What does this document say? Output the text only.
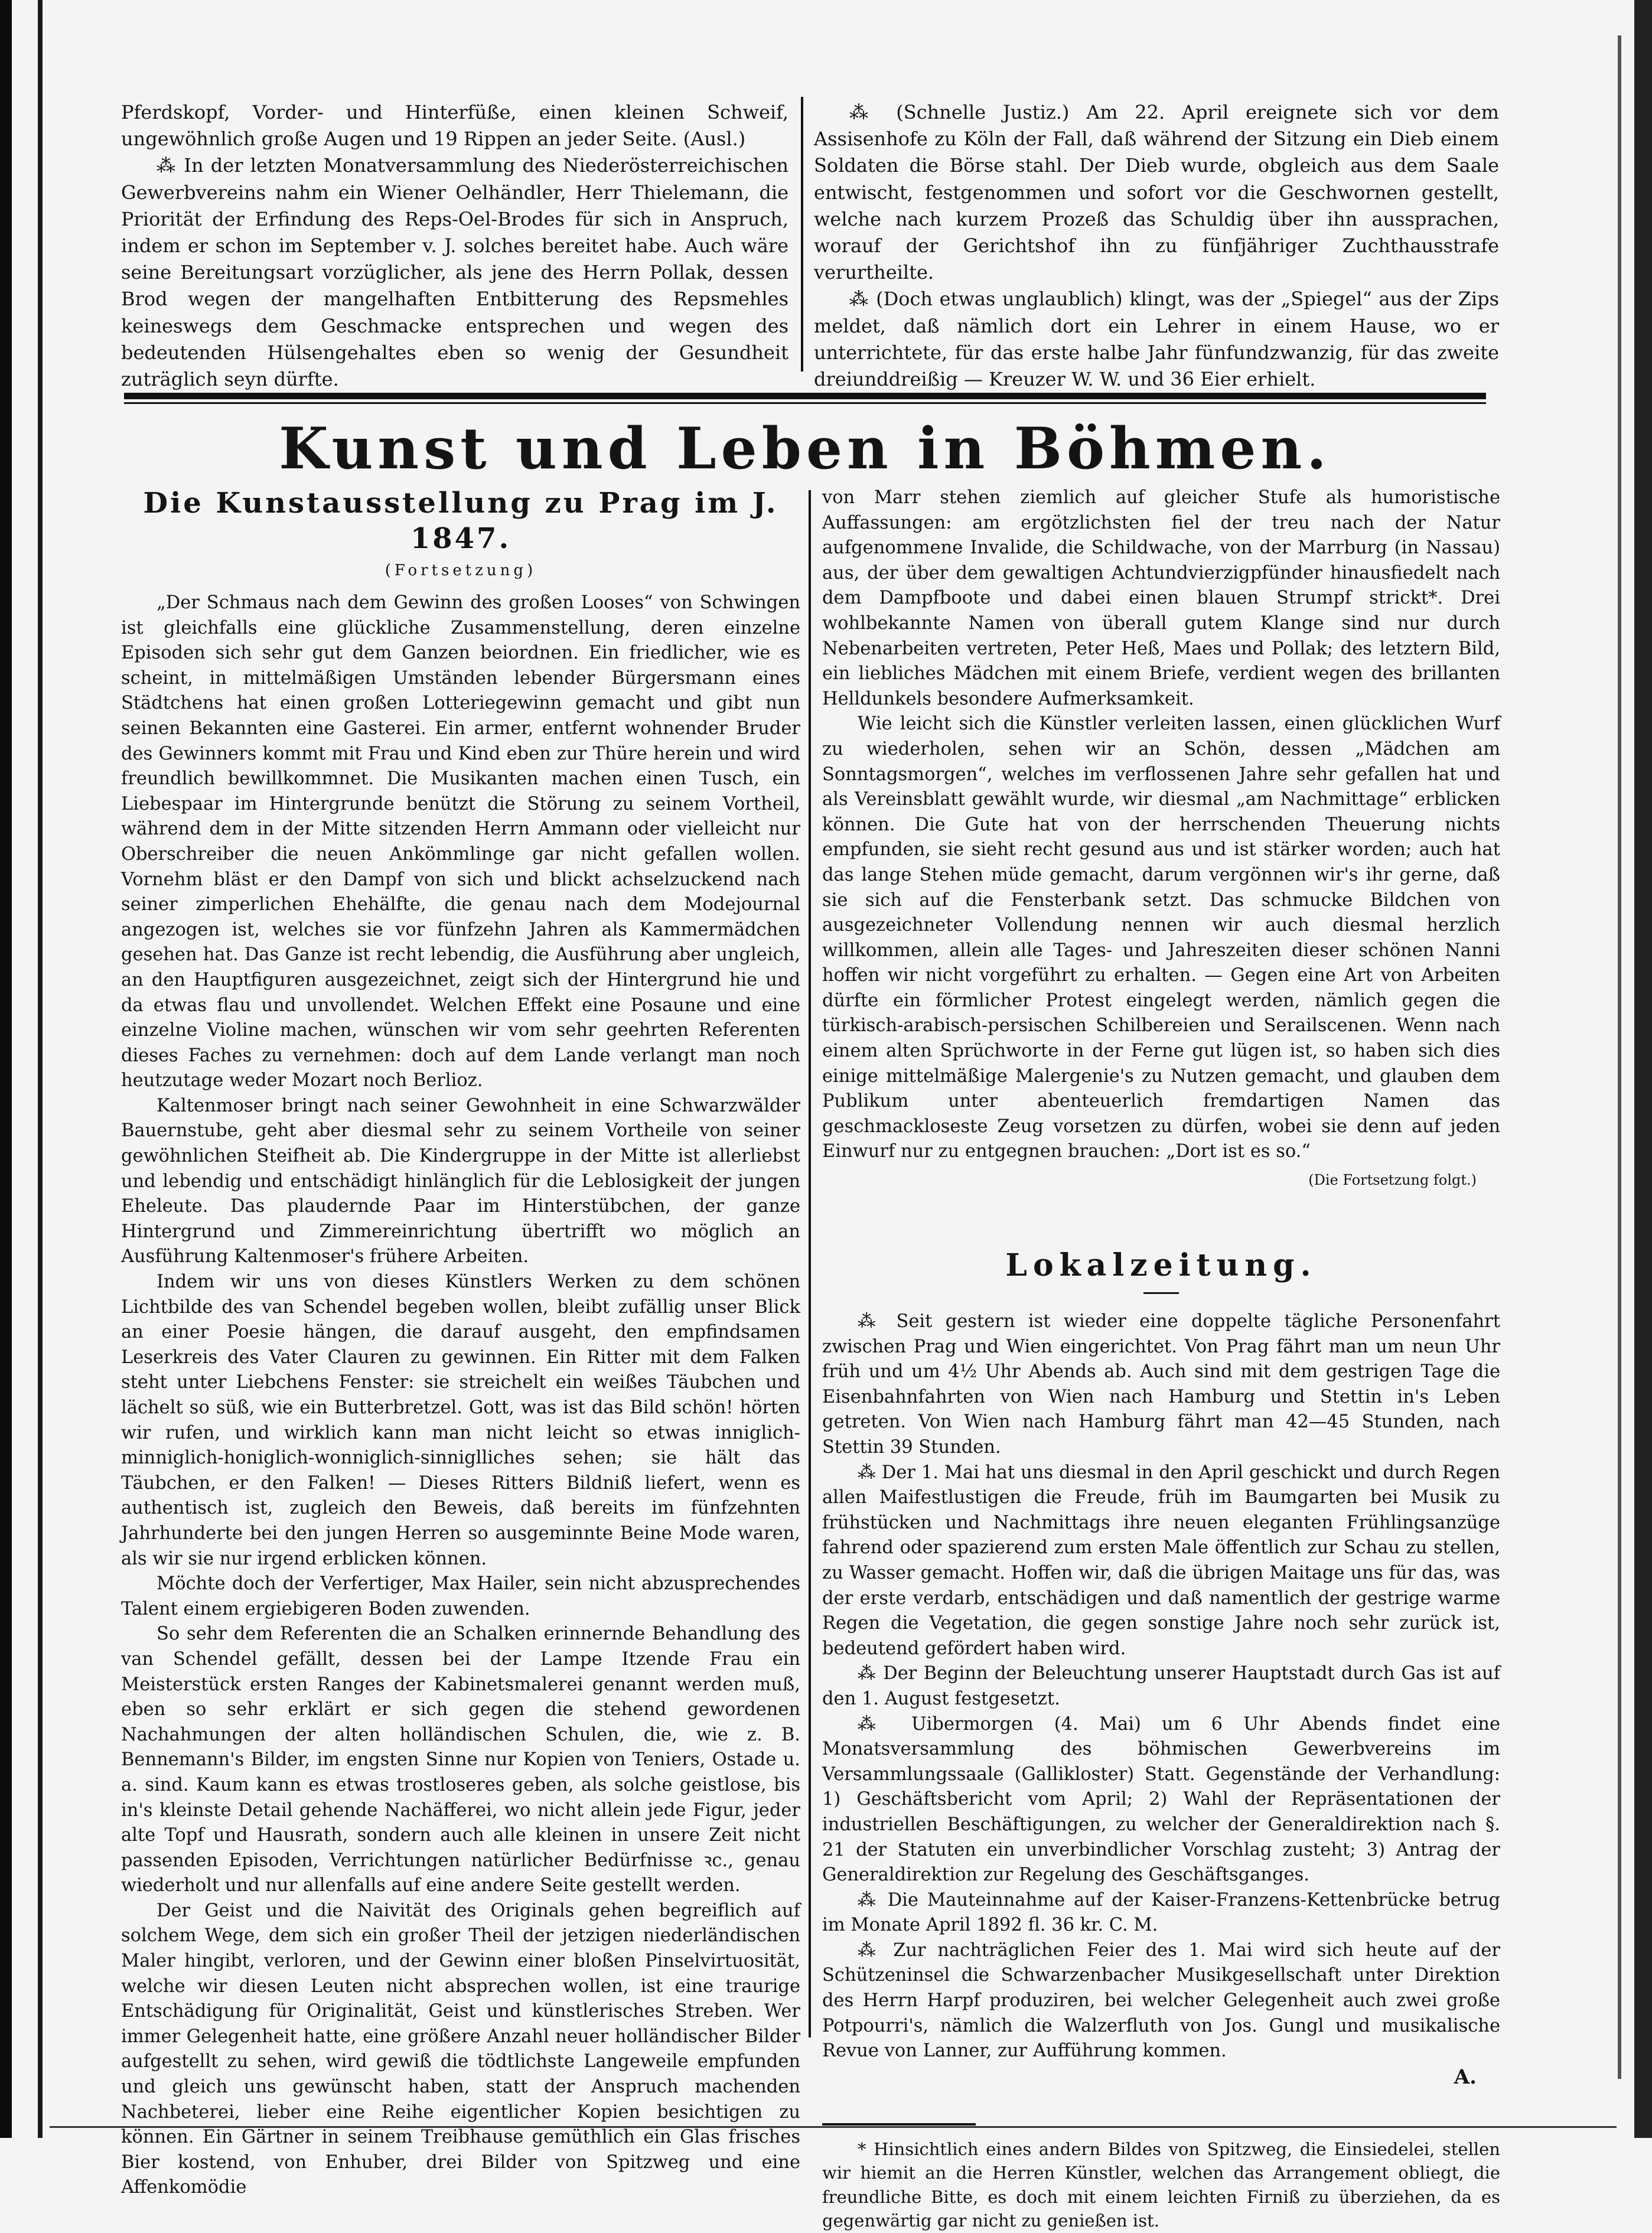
Pferdskopf, Vorder- und Hinterfüße, einen kleinen Schweif, ungewöhnlich große Augen und 19 Rippen an jeder Seite. (Ausl.)

⁂ In der letzten Monatversammlung des Niederösterreichischen Gewerbvereins nahm ein Wiener Oelhändler, Herr Thielemann, die Priorität der Erfindung des Reps-Oel-Brodes für sich in Anspruch, indem er schon im September v. J. solches bereitet habe. Auch wäre seine Bereitungsart vorzüglicher, als jene des Herrn Pollak, dessen Brod wegen der mangelhaften Entbitterung des Repsmehles keineswegs dem Geschmacke entsprechen und wegen des bedeutenden Hülsengehaltes eben so wenig der Gesundheit zuträglich seyn dürfte.

⁂ (Schnelle Justiz.) Am 22. April ereignete sich vor dem Assisenhofe zu Köln der Fall, daß während der Sitzung ein Dieb einem Soldaten die Börse stahl. Der Dieb wurde, obgleich aus dem Saale entwischt, festgenommen und sofort vor die Geschwornen gestellt, welche nach kurzem Prozeß das Schuldig über ihn aussprachen, worauf der Gerichtshof ihn zu fünfjähriger Zuchthausstrafe verurtheilte.

⁂ (Doch etwas unglaublich) klingt, was der „Spiegel“ aus der Zips meldet, daß nämlich dort ein Lehrer in einem Hause, wo er unterrichtete, für das erste halbe Jahr fünfundzwanzig, für das zweite dreiunddreißig — Kreuzer W. W. und 36 Eier erhielt.

Kunst und Leben in Böhmen.
Die Kunstausstellung zu Prag im J. 1847.
(Fortsetzung)

„Der Schmaus nach dem Gewinn des großen Looses“ von Schwingen ist gleichfalls eine glückliche Zusammenstellung, deren einzelne Episoden sich sehr gut dem Ganzen beiordnen. Ein friedlicher, wie es scheint, in mittelmäßigen Umständen lebender Bürgersmann eines Städtchens hat einen großen Lotteriegewinn gemacht und gibt nun seinen Bekannten eine Gasterei. Ein armer, entfernt wohnender Bruder des Gewinners kommt mit Frau und Kind eben zur Thüre herein und wird freundlich bewillkommnet. Die Musikanten machen einen Tusch, ein Liebespaar im Hintergrunde benützt die Störung zu seinem Vortheil, während dem in der Mitte sitzenden Herrn Ammann oder vielleicht nur Oberschreiber die neuen Ankömmlinge gar nicht gefallen wollen. Vornehm bläst er den Dampf von sich und blickt achselzuckend nach seiner zimperlichen Ehehälfte, die genau nach dem Modejournal angezogen ist, welches sie vor fünfzehn Jahren als Kammermädchen gesehen hat. Das Ganze ist recht lebendig, die Ausführung aber ungleich, an den Hauptfiguren ausgezeichnet, zeigt sich der Hintergrund hie und da etwas flau und unvollendet. Welchen Effekt eine Posaune und eine einzelne Violine machen, wünschen wir vom sehr geehrten Referenten dieses Faches zu vernehmen: doch auf dem Lande verlangt man noch heutzutage weder Mozart noch Berlioz.

Kaltenmoser bringt nach seiner Gewohnheit in eine Schwarzwälder Bauernstube, geht aber diesmal sehr zu seinem Vortheile von seiner gewöhnlichen Steifheit ab. Die Kindergruppe in der Mitte ist allerliebst und lebendig und entschädigt hinlänglich für die Leblosigkeit der jungen Eheleute. Das plaudernde Paar im Hinterstübchen, der ganze Hintergrund und Zimmereinrichtung übertrifft wo möglich an Ausführung Kaltenmoser's frühere Arbeiten.

Indem wir uns von dieses Künstlers Werken zu dem schönen Lichtbilde des van Schendel begeben wollen, bleibt zufällig unser Blick an einer Poesie hängen, die darauf ausgeht, den empfindsamen Leserkreis des Vater Clauren zu gewinnen. Ein Ritter mit dem Falken steht unter Liebchens Fenster: sie streichelt ein weißes Täubchen und lächelt so süß, wie ein Butterbretzel. Gott, was ist das Bild schön! hörten wir rufen, und wirklich kann man nicht leicht so etwas inniglich-minniglich-honiglich-wonniglich-sinniglliches sehen; sie hält das Täubchen, er den Falken! — Dieses Ritters Bildniß liefert, wenn es authentisch ist, zugleich den Beweis, daß bereits im fünfzehnten Jahrhunderte bei den jungen Herren so ausgeminnte Beine Mode waren, als wir sie nur irgend erblicken können.

Möchte doch der Verfertiger, Max Hailer, sein nicht abzusprechendes Talent einem ergiebigeren Boden zuwenden.

So sehr dem Referenten die an Schalken erinnernde Behandlung des van Schendel gefällt, dessen bei der Lampe Itzende Frau ein Meisterstück ersten Ranges der Kabinetsmalerei genannt werden muß, eben so sehr erklärt er sich gegen die stehend gewordenen Nachahmungen der alten holländischen Schulen, die, wie z. B. Bennemann's Bilder, im engsten Sinne nur Kopien von Teniers, Ostade u. a. sind. Kaum kann es etwas trostloseres geben, als solche geistlose, bis in's kleinste Detail gehende Nachäfferei, wo nicht allein jede Figur, jeder alte Topf und Hausrath, sondern auch alle kleinen in unsere Zeit nicht passenden Episoden, Verrichtungen natürlicher Bedürfnisse ꝛc., genau wiederholt und nur allenfalls auf eine andere Seite gestellt werden.

Der Geist und die Naivität des Originals gehen begreiflich auf solchem Wege, dem sich ein großer Theil der jetzigen niederländischen Maler hingibt, verloren, und der Gewinn einer bloßen Pinselvirtuosität, welche wir diesen Leuten nicht absprechen wollen, ist eine traurige Entschädigung für Originalität, Geist und künstlerisches Streben. Wer immer Gelegenheit hatte, eine größere Anzahl neuer holländischer Bilder aufgestellt zu sehen, wird gewiß die tödtlichste Langeweile empfunden und gleich uns gewünscht haben, statt der Anspruch machenden Nachbeterei, lieber eine Reihe eigentlicher Kopien besichtigen zu können. Ein Gärtner in seinem Treibhause gemüthlich ein Glas frisches Bier kostend, von Enhuber, drei Bilder von Spitzweg und eine Affenkomödie

von Marr stehen ziemlich auf gleicher Stufe als humoristische Auffassungen: am ergötzlichsten fiel der treu nach der Natur aufgenommene Invalide, die Schildwache, von der Marrburg (in Nassau) aus, der über dem gewaltigen Achtundvierzigpfünder hinausfiedelt nach dem Dampfboote und dabei einen blauen Strumpf strickt*. Drei wohlbekannte Namen von überall gutem Klange sind nur durch Nebenarbeiten vertreten, Peter Heß, Maes und Pollak; des letztern Bild, ein liebliches Mädchen mit einem Briefe, verdient wegen des brillanten Helldunkels besondere Aufmerksamkeit.

Wie leicht sich die Künstler verleiten lassen, einen glücklichen Wurf zu wiederholen, sehen wir an Schön, dessen „Mädchen am Sonntagsmorgen“, welches im verflossenen Jahre sehr gefallen hat und als Vereinsblatt gewählt wurde, wir diesmal „am Nachmittage“ erblicken können. Die Gute hat von der herrschenden Theuerung nichts empfunden, sie sieht recht gesund aus und ist stärker worden; auch hat das lange Stehen müde gemacht, darum vergönnen wir's ihr gerne, daß sie sich auf die Fensterbank setzt. Das schmucke Bildchen von ausgezeichneter Vollendung nennen wir auch diesmal herzlich willkommen, allein alle Tages- und Jahreszeiten dieser schönen Nanni hoffen wir nicht vorgeführt zu erhalten. — Gegen eine Art von Arbeiten dürfte ein förmlicher Protest eingelegt werden, nämlich gegen die türkisch-arabisch-persischen Schilbereien und Serailscenen. Wenn nach einem alten Sprüchworte in der Ferne gut lügen ist, so haben sich dies einige mittelmäßige Malergenie's zu Nutzen gemacht, und glauben dem Publikum unter abenteuerlich fremdartigen Namen das geschmackloseste Zeug vorsetzen zu dürfen, wobei sie denn auf jeden Einwurf nur zu entgegnen brauchen: „Dort ist es so.“

(Die Fortsetzung folgt.)
Lokalzeitung.

⁂ Seit gestern ist wieder eine doppelte tägliche Personenfahrt zwischen Prag und Wien eingerichtet. Von Prag fährt man um neun Uhr früh und um 4½ Uhr Abends ab. Auch sind mit dem gestrigen Tage die Eisenbahnfahrten von Wien nach Hamburg und Stettin in's Leben getreten. Von Wien nach Hamburg fährt man 42—45 Stunden, nach Stettin 39 Stunden.

⁂ Der 1. Mai hat uns diesmal in den April geschickt und durch Regen allen Maifestlustigen die Freude, früh im Baumgarten bei Musik zu frühstücken und Nachmittags ihre neuen eleganten Frühlingsanzüge fahrend oder spazierend zum ersten Male öffentlich zur Schau zu stellen, zu Wasser gemacht. Hoffen wir, daß die übrigen Maitage uns für das, was der erste verdarb, entschädigen und daß namentlich der gestrige warme Regen die Vegetation, die gegen sonstige Jahre noch sehr zurück ist, bedeutend gefördert haben wird.

⁂ Der Beginn der Beleuchtung unserer Hauptstadt durch Gas ist auf den 1. August festgesetzt.

⁂ Uibermorgen (4. Mai) um 6 Uhr Abends findet eine Monatsversammlung des böhmischen Gewerbvereins im Versammlungssaale (Gallikloster) Statt. Gegenstände der Verhandlung: 1) Geschäftsbericht vom April; 2) Wahl der Repräsentationen der industriellen Beschäftigungen, zu welcher der Generaldirektion nach §. 21 der Statuten ein unverbindlicher Vorschlag zusteht; 3) Antrag der Generaldirektion zur Regelung des Geschäftsganges.

⁂ Die Mauteinnahme auf der Kaiser-Franzens-Kettenbrücke betrug im Monate April 1892 fl. 36 kr. C. M.

⁂ Zur nachträglichen Feier des 1. Mai wird sich heute auf der Schützeninsel die Schwarzenbacher Musikgesellschaft unter Direktion des Herrn Harpf produziren, bei welcher Gelegenheit auch zwei große Potpourri's, nämlich die Walzerfluth von Jos. Gungl und musikalische Revue von Lanner, zur Aufführung kommen.

A.

* Hinsichtlich eines andern Bildes von Spitzweg, die Einsiedelei, stellen wir hiemit an die Herren Künstler, welchen das Arrangement obliegt, die freundliche Bitte, es doch mit einem leichten Firniß zu überziehen, da es gegenwärtig gar nicht zu genießen ist.
